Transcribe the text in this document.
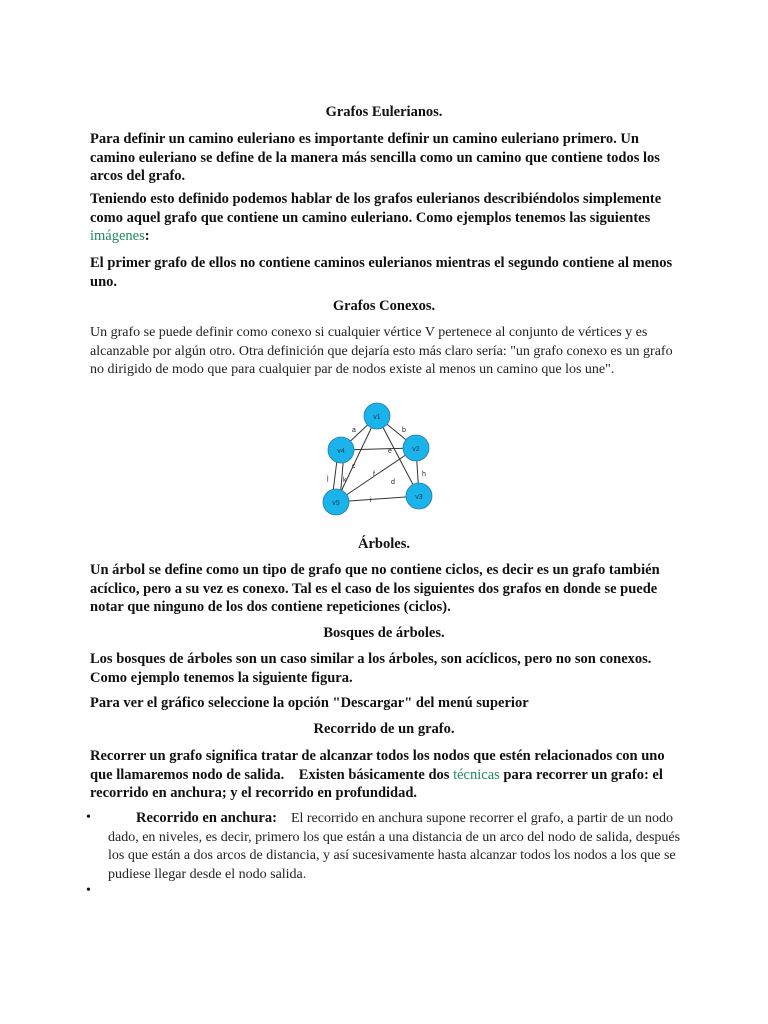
Grafos Eulerianos.

Para definir un camino euleriano es importante definir un camino euleriano primero. Un camino euleriano se define de la manera más sencilla como un camino que contiene todos los arcos del grafo.

Teniendo esto definido podemos hablar de los grafos eulerianos describiéndolos simplemente como aquel grafo que contiene un camino euleriano. Como ejemplos tenemos las siguientes imágenes:

El primer grafo de ellos no contiene caminos eulerianos mientras el segundo contiene al menos uno.

Grafos Conexos.

Un grafo se puede definir como conexo si cualquier vértice V pertenece al conjunto de vértices y es alcanzable por algún otro. Otra definición que dejaría esto más claro sería: "un grafo conexo es un grafo no dirigido de modo que para cualquier par de nodos existe al menos un camino que los une".

a	b
c
d
e
f	h
i
j k
v1
v2
v3
v4
v5
Árboles.

Un árbol se define como un tipo de grafo que no contiene ciclos, es decir es un grafo también acíclico, pero a su vez es conexo. Tal es el caso de los siguientes dos grafos en donde se puede notar que ninguno de los dos contiene repeticiones (ciclos).

Bosques de árboles.

Los bosques de árboles son un caso similar a los árboles, son acíclicos, pero no son conexos. Como ejemplo tenemos la siguiente figura.

Para ver el gráfico seleccione la opción "Descargar" del menú superior

Recorrido de un grafo.

Recorrer un grafo significa tratar de alcanzar todos los nodos que estén relacionados con uno que llamaremos nodo de salida.    Existen básicamente dos técnicas para recorrer un grafo: el recorrido en anchura; y el recorrido en profundidad.

•	Recorrido en anchura: El recorrido en anchura supone recorrer el grafo, a partir de un nodo dado, en niveles, es decir, primero los que están a una distancia de un arco del nodo de salida, después los que están a dos arcos de distancia, y así sucesivamente hasta alcanzar todos los nodos a los que se pudiese llegar desde el nodo salida.

•
